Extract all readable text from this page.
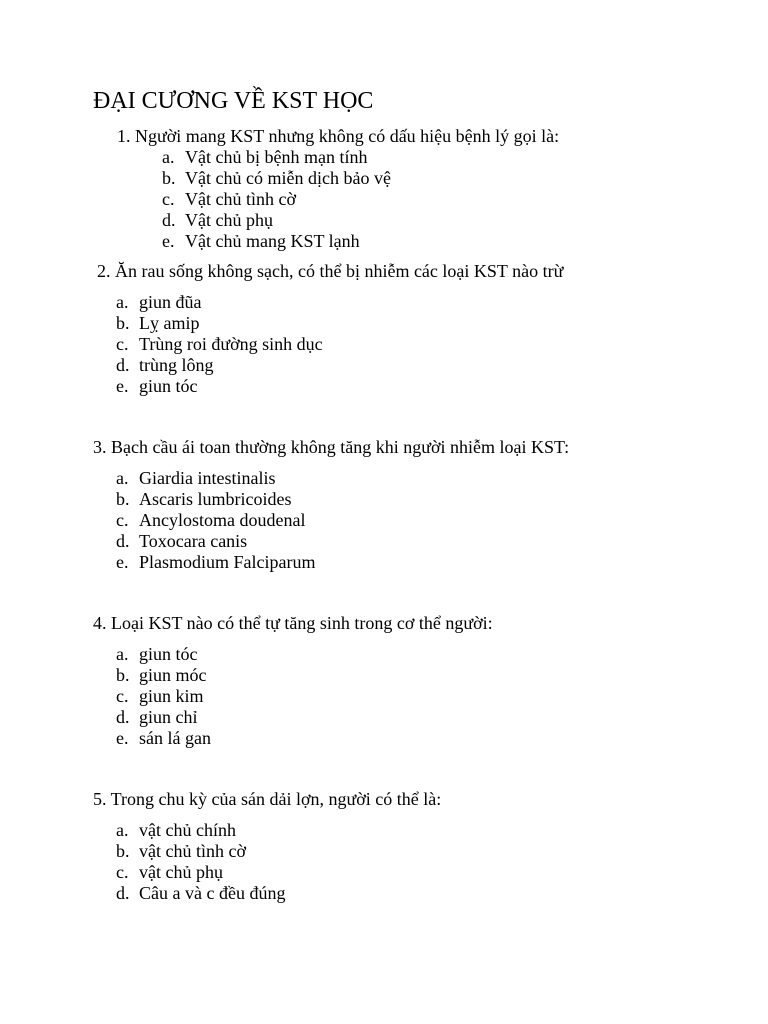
ĐẠI CƯƠNG VỀ KST HỌC
1. Người mang KST nhưng không có dấu hiệu bệnh lý gọi là:
a. Vật chủ bị bệnh mạn tính
b. Vật chủ có miễn dịch bảo vệ
c. Vật chủ tình cờ
d. Vật chủ phụ
e. Vật chủ mang KST lạnh
2. Ăn rau sống không sạch, có thể bị nhiễm các loại KST nào trừ
a. giun đũa
b. Lỵ amip
c. Trùng roi đường sinh dục
d. trùng lông
e. giun tóc
3. Bạch cầu ái toan thường không tăng khi người nhiễm loại KST:
a. Giardia intestinalis
b. Ascaris lumbricoides
c. Ancylostoma doudenal
d. Toxocara canis
e. Plasmodium Falciparum
4. Loại KST nào có thể tự tăng sinh trong cơ thể người:
a. giun tóc
b. giun móc
c. giun kim
d. giun chỉ
e. sán lá gan
5. Trong chu kỳ của sán dải lợn, người có thể là:
a. vật chủ chính
b. vật chủ tình cờ
c. vật chủ phụ
d. Câu a và c đều đúng
